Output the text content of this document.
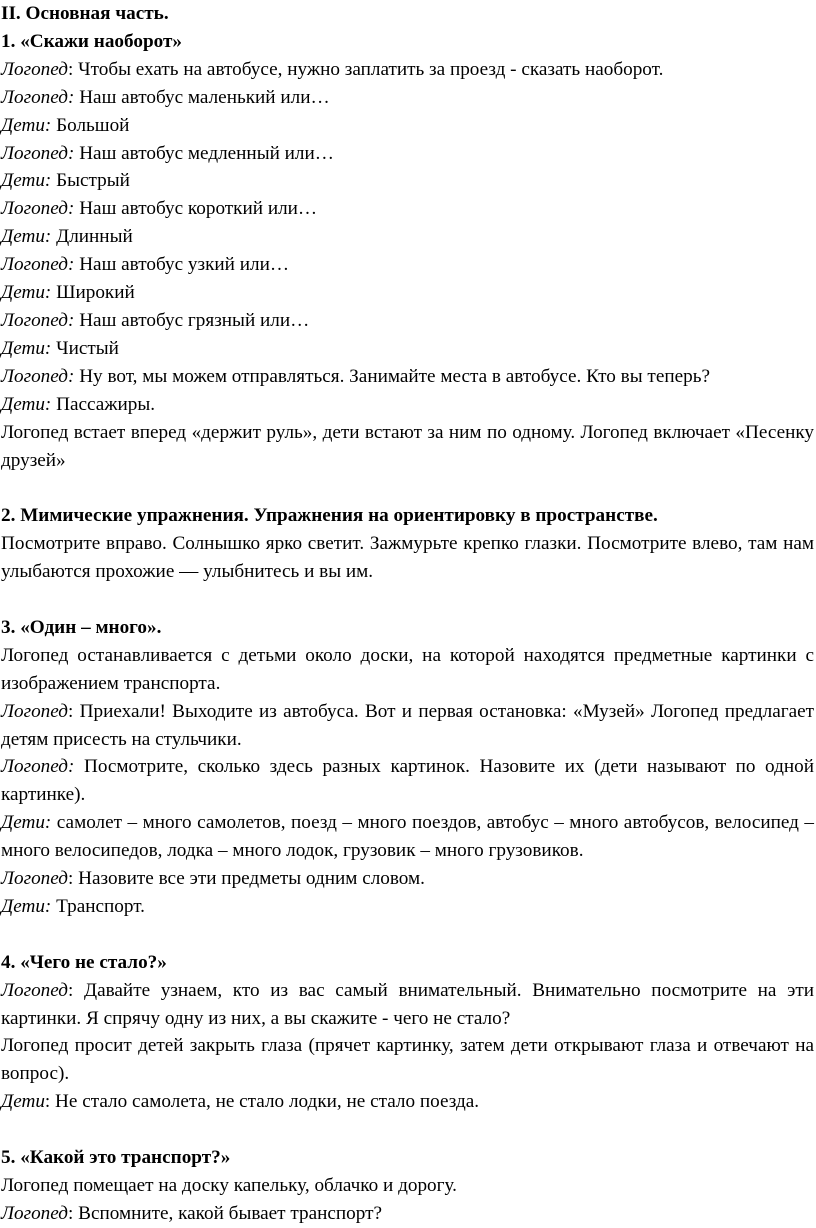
II. Основная часть.

1. «Скажи наоборот»

Логопед: Чтобы ехать на автобусе, нужно заплатить за проезд - сказать наоборот.

Логопед: Наш автобус маленький или…

Дети: Большой

Логопед: Наш автобус медленный или…

Дети: Быстрый

Логопед: Наш автобус короткий или…

Дети: Длинный

Логопед: Наш автобус узкий или…

Дети: Широкий

Логопед: Наш автобус грязный или…

Дети: Чистый

Логопед: Ну вот, мы можем отправляться. Занимайте места в автобусе. Кто вы теперь?

Дети: Пассажиры.

Логопед встает вперед «держит руль», дети встают за ним по одному. Логопед включает «Песенку друзей»

2. Мимические упражнения. Упражнения на ориентировку в пространстве.

Посмотрите вправо. Солнышко ярко светит. Зажмурьте крепко глазки. Посмотрите влево, там нам улыбаются прохожие — улыбнитесь и вы им.

3. «Один – много».

Логопед останавливается с детьми около доски, на которой находятся предметные картинки с изображением транспорта.

Логопед: Приехали! Выходите из автобуса. Вот и первая остановка: «Музей» Логопед предлагает детям присесть на стульчики.

Логопед: Посмотрите, сколько здесь разных картинок. Назовите их (дети называют по одной картинке).

Дети: самолет – много самолетов, поезд – много поездов, автобус – много автобусов, велосипед – много велосипедов, лодка – много лодок, грузовик – много грузовиков.

Логопед: Назовите все эти предметы одним словом.

Дети: Транспорт.

4. «Чего не стало?»

Логопед: Давайте узнаем, кто из вас самый внимательный. Внимательно посмотрите на эти картинки. Я спрячу одну из них, а вы скажите - чего не стало?

Логопед просит детей закрыть глаза (прячет картинку, затем дети открывают глаза и отвечают на вопрос).

Дети: Не стало самолета, не стало лодки, не стало поезда.

5. «Какой это транспорт?»

Логопед помещает на доску капельку, облачко и дорогу.

Логопед: Вспомните, какой бывает транспорт?
